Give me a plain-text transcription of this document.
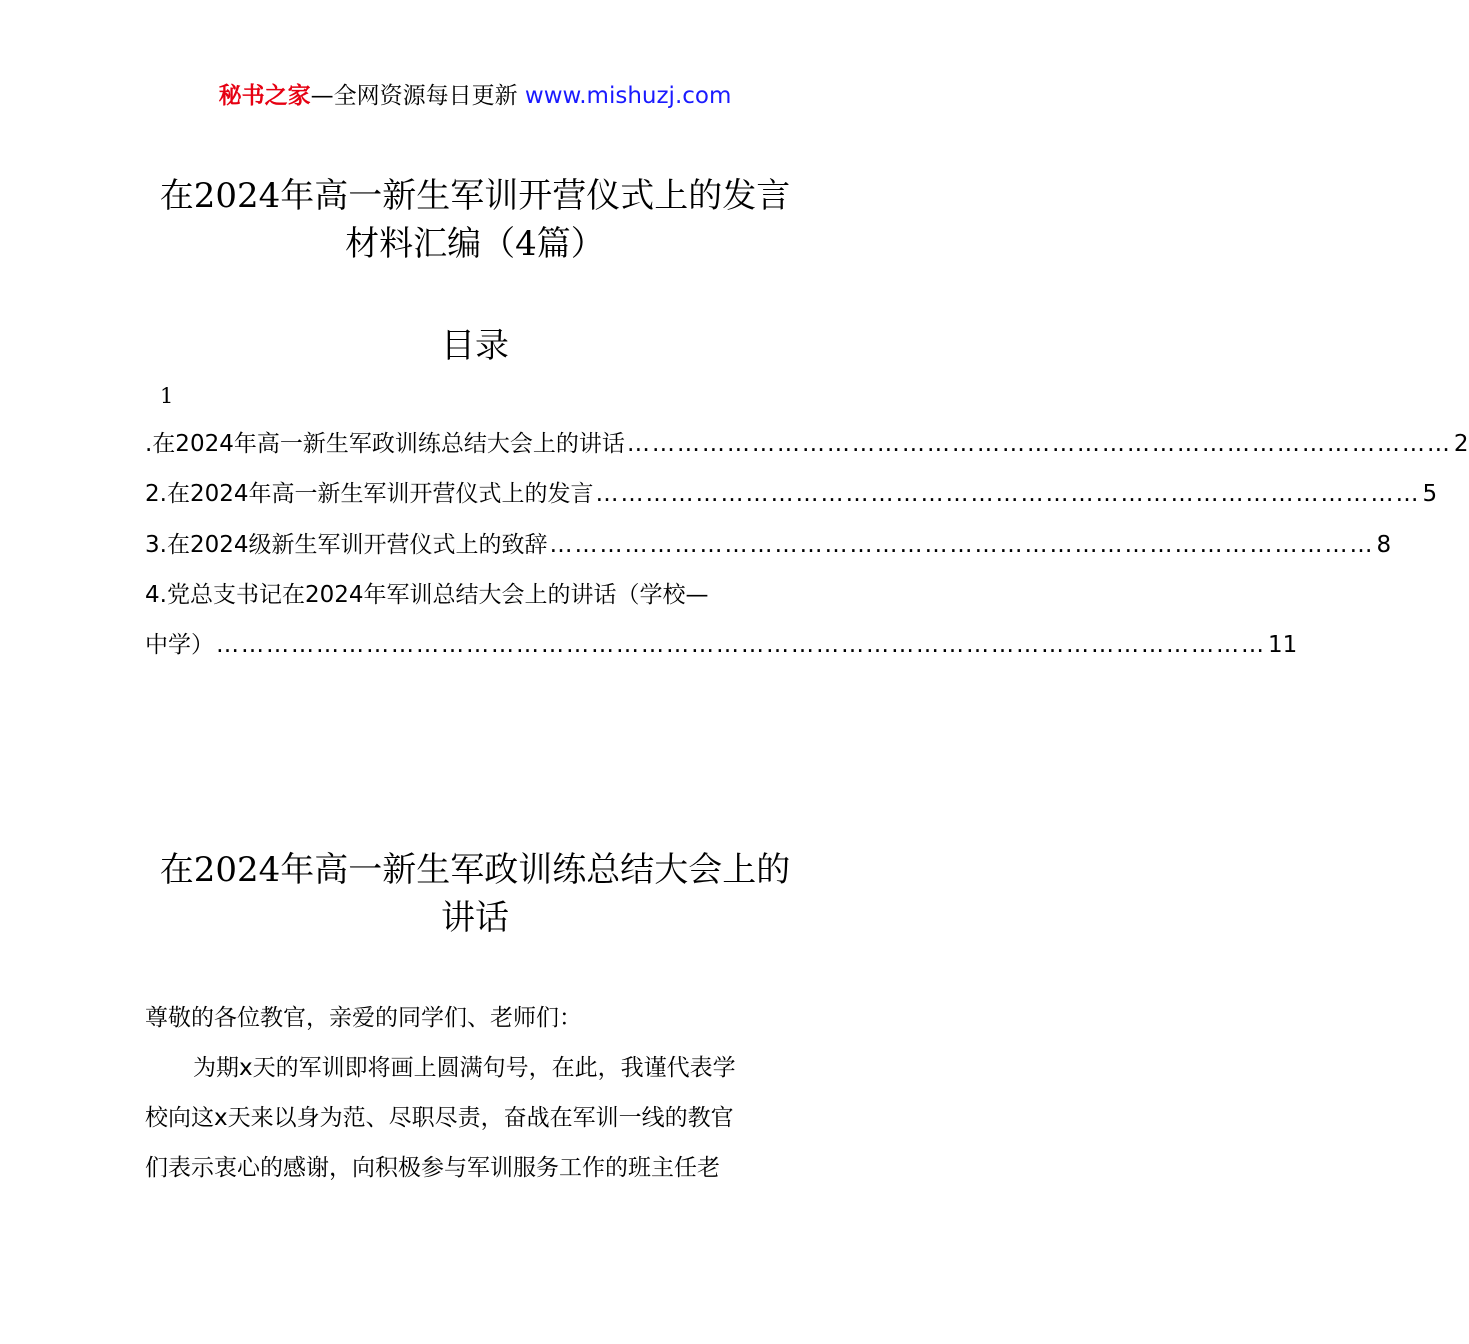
秘书之家—全网资源每日更新 www.mishuzj.com
在2024年高一新生军训开营仪式上的发言
材料汇编（4篇）
目录
1
.在2024年高一新生军政训练总结大会上的讲话 ……………………………………………………………………………………… 2
2.在2024年高一新生军训开营仪式上的发言 ……………………………………………………………………………………… 5
3.在2024级新生军训开营仪式上的致辞 ……………………………………………………………………………………… 8
4.党总支书记在2024年军训总结大会上的讲话（学校—
中学） ……………………………………………………………………………………………………………… 11
在2024年高一新生军政训练总结大会上的
讲话
尊敬的各位教官，亲爱的同学们、老师们：
为期x天的军训即将画上圆满句号，在此，我谨代表学
校向这x天来以身为范、尽职尽责，奋战在军训一线的教官
们表示衷心的感谢，向积极参与军训服务工作的班主任老
